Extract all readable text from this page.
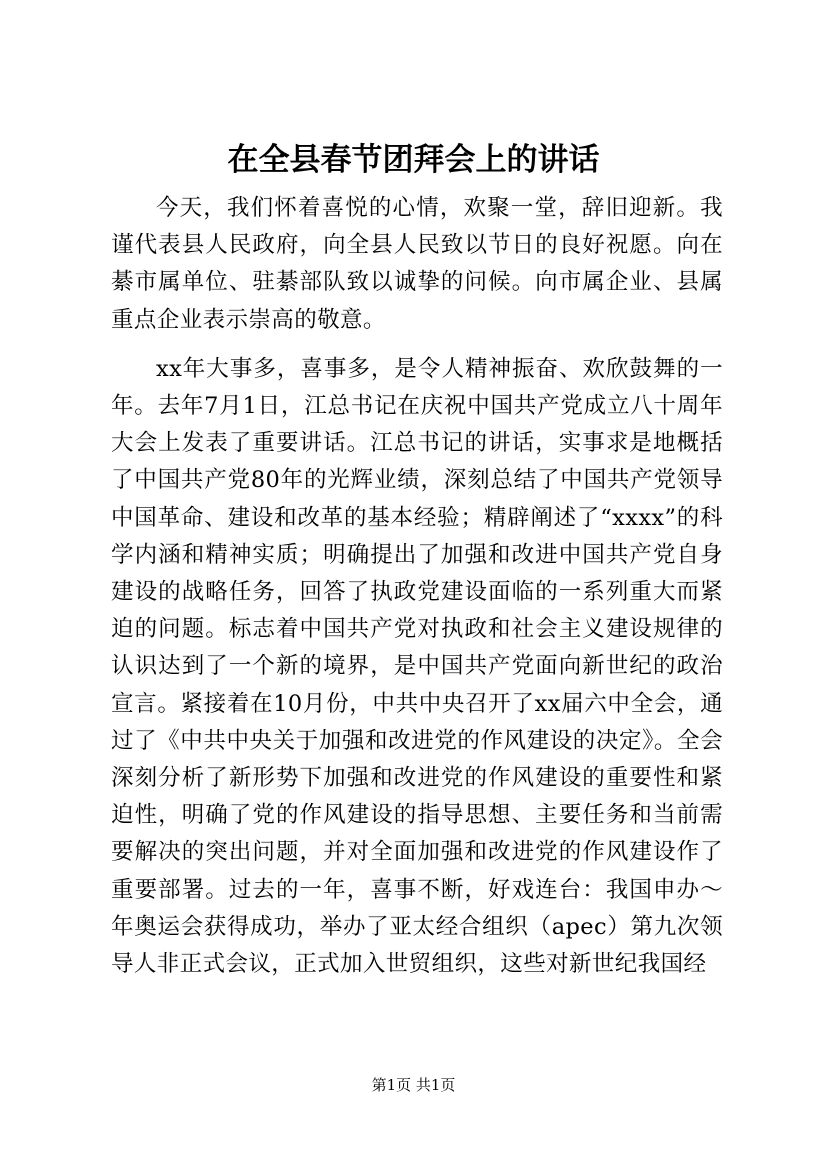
在全县春节团拜会上的讲话

今天，我们怀着喜悦的心情，欢聚一堂，辞旧迎新。我谨代表县人民政府，向全县人民致以节日的良好祝愿。向在綦市属单位、驻綦部队致以诚挚的问候。向市属企业、县属重点企业表示崇高的敬意。

xx年大事多，喜事多，是令人精神振奋、欢欣鼓舞的一年。去年7月1日，江总书记在庆祝中国共产党成立八十周年大会上发表了重要讲话。江总书记的讲话，实事求是地概括了中国共产党80年的光辉业绩，深刻总结了中国共产党领导中国革命、建设和改革的基本经验；精辟阐述了“xxxx”的科学内涵和精神实质；明确提出了加强和改进中国共产党自身建设的战略任务，回答了执政党建设面临的一系列重大而紧迫的问题。标志着中国共产党对执政和社会主义建设规律的认识达到了一个新的境界，是中国共产党面向新世纪的政治宣言。紧接着在10月份，中共中央召开了xx届六中全会，通过了《中共中央关于加强和改进党的作风建设的决定》。全会深刻分析了新形势下加强和改进党的作风建设的重要性和紧迫性，明确了党的作风建设的指导思想、主要任务和当前需要解决的突出问题，并对全面加强和改进党的作风建设作了重要部署。过去的一年，喜事不断，好戏连台：我国申办～年奥运会获得成功，举办了亚太经合组织（apec）第九次领导人非正式会议，正式加入世贸组织，这些对新世纪我国经

第1页 共1页
